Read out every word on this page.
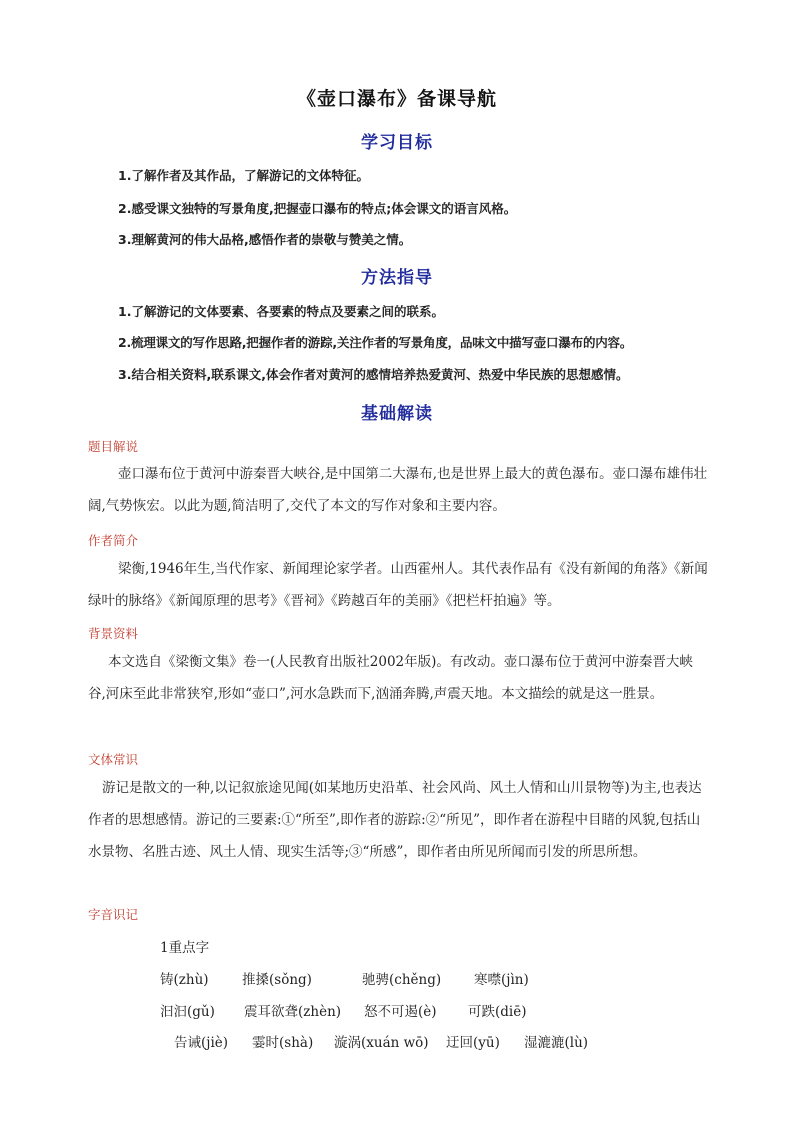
《壶口瀑布》备课导航
学习目标
1.了解作者及其作品，了解游记的文体特征。
2.感受课文独特的写景角度,把握壶口瀑布的特点;体会课文的语言风格。
3.理解黄河的伟大品格,感悟作者的崇敬与赞美之情。
方法指导
1.了解游记的文体要素、各要素的特点及要素之间的联系。
2.梳理课文的写作思路,把握作者的游踪,关注作者的写景角度，品味文中描写壶口瀑布的内容。
3.结合相关资料,联系课文,体会作者对黄河的感情培养热爱黄河、热爱中华民族的思想感情。
基础解读
题目解说
壶口瀑布位于黄河中游秦晋大峡谷,是中国第二大瀑布,也是世界上最大的黄色瀑布。壶口瀑布雄伟壮阔,气势恢宏。以此为题,简洁明了,交代了本文的写作对象和主要内容。
作者简介
梁衡,1946年生,当代作家、新闻理论家学者。山西霍州人。其代表作品有《没有新闻的角落》《新闻绿叶的脉络》《新闻原理的思考》《晋祠》《跨越百年的美丽》《把栏杆拍遍》等。
背景资料
本文选自《梁衡文集》卷一(人民教育出版社2002年版)。有改动。壶口瀑布位于黄河中游秦晋大峡谷,河床至此非常狭窄,形如“壶口”,河水急跌而下,汹涌奔腾,声震天地。本文描绘的就是这一胜景。
文体常识
游记是散文的一种,以记叙旅途见闻(如某地历史沿革、社会风尚、风土人情和山川景物等)为主,也表达作者的思想感情。游记的三要素:①“所至”,即作者的游踪:②“所见”，即作者在游程中目睹的风貌,包括山水景物、名胜古迹、风土人情、现实生活等;③“所感”，即作者由所见所闻而引发的所思所想。
字音识记
1重点字
铸(zhù) 推搡(sǒng)	驰骋(chěng) 寒噤(jìn)
汩汩(gǔ) 震耳欲聋(zhèn) 怒不可遏(è) 可跌(diē)
告诫(jiè) 霎时(shà) 漩涡(xuán wō) 迂回(yū) 湿漉漉(lù)
